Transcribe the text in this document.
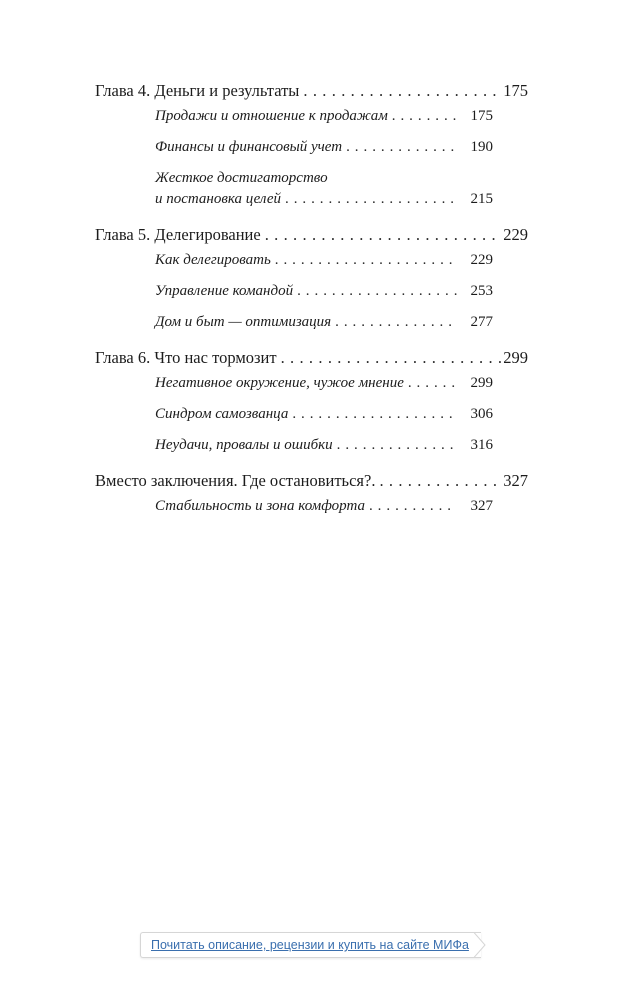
Глава 4. Деньги и результаты . . .	175
Продажи и отношение к продажам . . .	175
Финансы и финансовый учет . . .	190
Жесткое достигаторство
и постановка целей . . .	215
Глава 5. Делегирование . . .	229
Как делегировать . . .	229
Управление командой . . .	253
Дом и быт — оптимизация . . .	277
Глава 6. Что нас тормозит . . .	299
Негативное окружение, чужое мнение . . .	299
Синдром самозванца . . .	306
Неудачи, провалы и ошибки . . .	316
Вместо заключения. Где остановиться?. . . .	327
Стабильность и зона комфорта . . .	327
Почитать описание, рецензии и купить на сайте МИФа
